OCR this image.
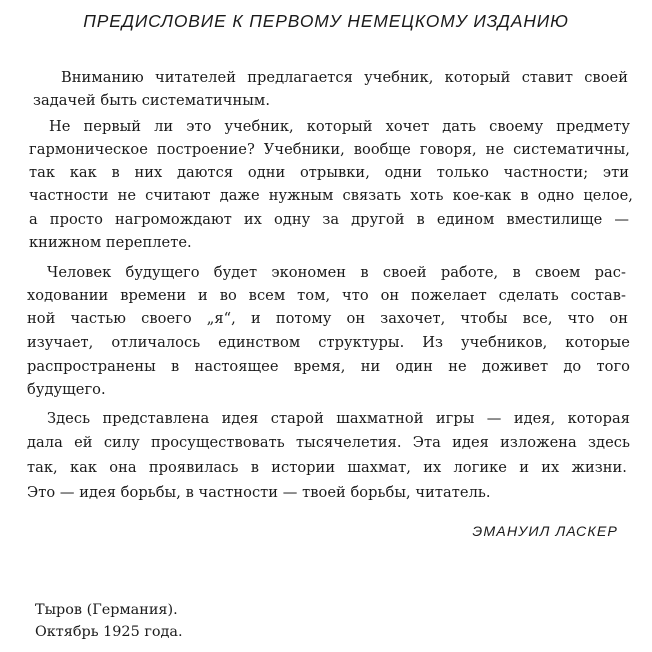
ПРЕДИСЛОВИЕ К ПЕРВОМУ НЕМЕЦКОМУ ИЗДАНИЮ
Вниманию читателей предлагается учебник, который ставит своей
задачей быть систематичным.
Не первый ли это учебник, который хочет дать своему предмету
гармоническое построение? Учебники, вообще говоря, не систематичны,
так как в них даются одни отрывки, одни только частности; эти
частности не считают даже нужным связать хоть кое-как в одно целое,
а просто нагромождают их одну за другой в едином вместилище —
книжном переплете.
Человек будущего будет экономен в своей работе, в своем рас-
ходовании времени и во всем том, что он пожелает сделать состав-
ной частью своего „я“, и потому он захочет, чтобы все, что он
изучает, отличалось единством структуры. Из учебников, которые
распространены в настоящее время, ни один не доживет до того
будущего.
Здесь представлена идея старой шахматной игры — идея, которая
дала ей силу просуществовать тысячелетия. Эта идея изложена здесь
так, как она проявилась в истории шахмат, их логике и их жизни.
Это — идея борьбы, в частности — твоей борьбы, читатель.
ЭМАНУИЛ ЛАСКЕР
Тыров (Германия).
Октябрь 1925 года.
